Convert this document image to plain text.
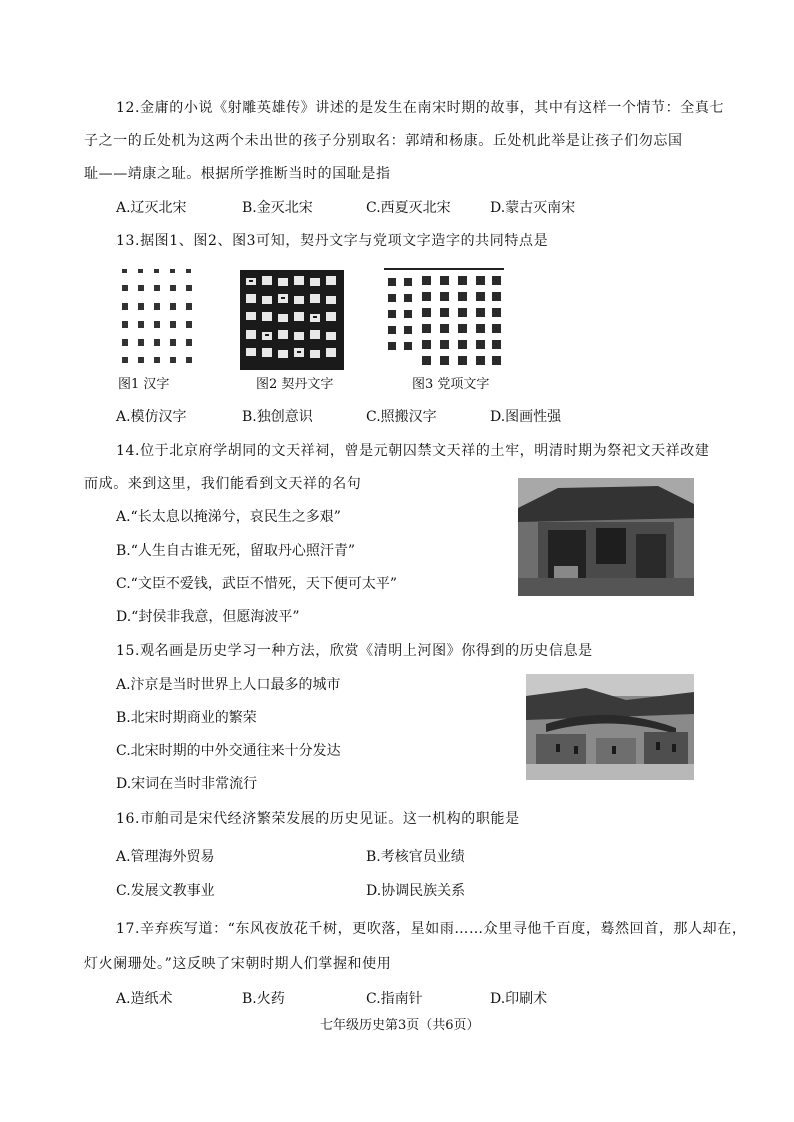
12.金庸的小说《射雕英雄传》讲述的是发生在南宋时期的故事，其中有这样一个情节：全真七
子之一的丘处机为这两个未出世的孩子分别取名：郭靖和杨康。丘处机此举是让孩子们勿忘国
耻——靖康之耻。根据所学推断当时的国耻是指
A.辽灭北宋	B.金灭北宋	C.西夏灭北宋	D.蒙古灭南宋
13.据图1、图2、图3可知，契丹文字与党项文字造字的共同特点是
图1 汉字	图2 契丹文字	图3 党项文字
A.模仿汉字	B.独创意识	C.照搬汉字	D.图画性强
14.位于北京府学胡同的文天祥祠，曾是元朝囚禁文天祥的土牢，明清时期为祭祀文天祥改建
而成。来到这里，我们能看到文天祥的名句
A.“长太息以掩涕兮，哀民生之多艰”
B.“人生自古谁无死，留取丹心照汗青”
C.“文臣不爱钱，武臣不惜死，天下便可太平”
D.“封侯非我意，但愿海波平”
15.观名画是历史学习一种方法，欣赏《清明上河图》你得到的历史信息是
A.汴京是当时世界上人口最多的城市
B.北宋时期商业的繁荣
C.北宋时期的中外交通往来十分发达
D.宋词在当时非常流行
16.市舶司是宋代经济繁荣发展的历史见证。这一机构的职能是
A.管理海外贸易	B.考核官员业绩
C.发展文教事业	D.协调民族关系
17.辛弃疾写道：“东风夜放花千树，更吹落，星如雨……众里寻他千百度，蓦然回首，那人却在，
灯火阑珊处。”这反映了宋朝时期人们掌握和使用
A.造纸术	B.火药	C.指南针	D.印刷术
七年级历史第3页（共6页）
